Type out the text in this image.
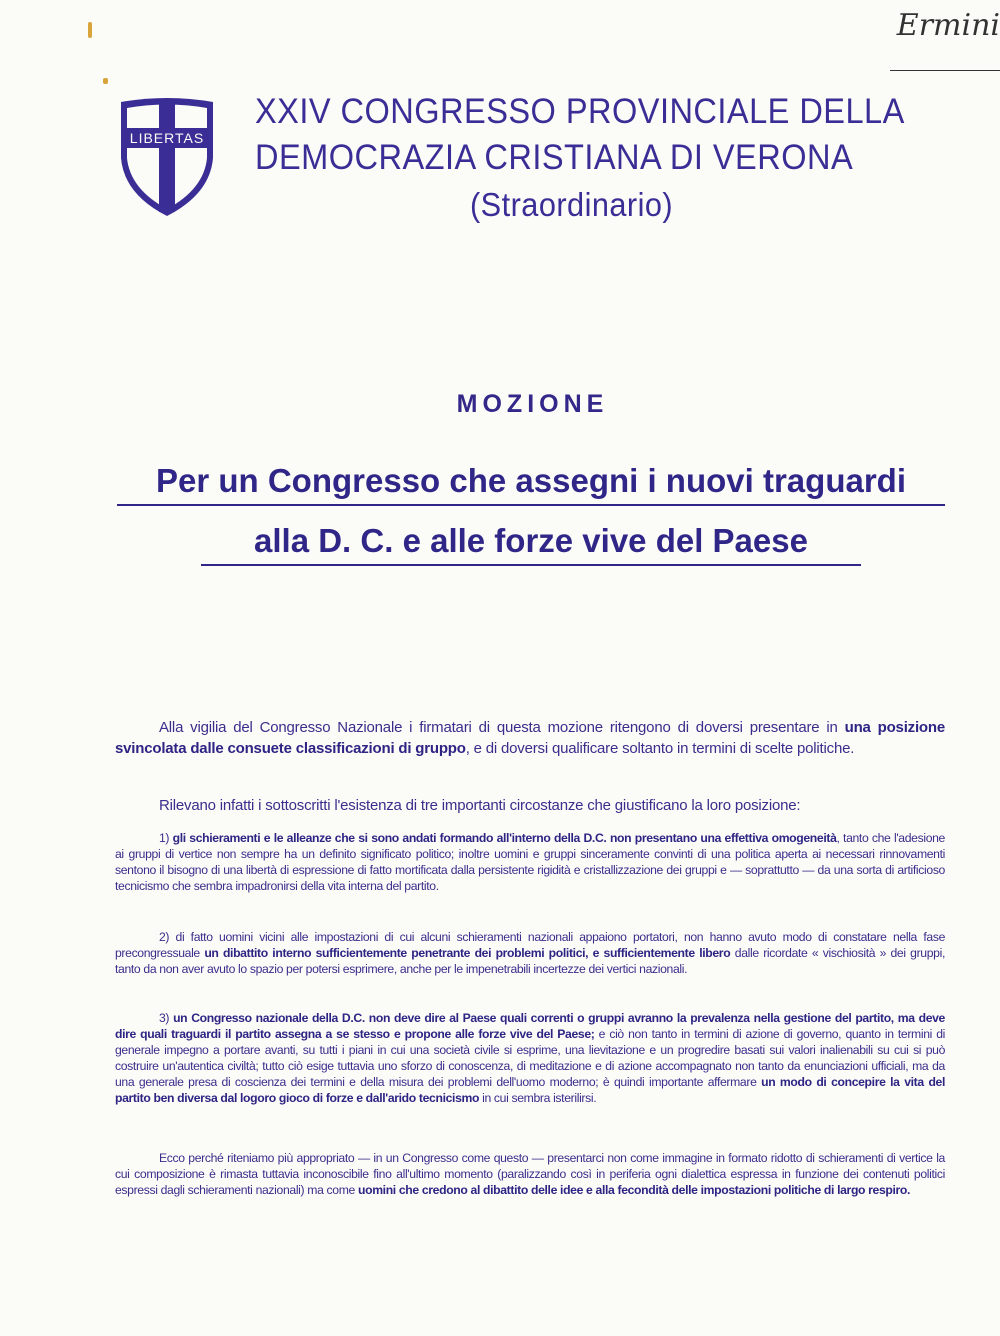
Ermini
LIBERTAS
XXIV CONGRESSO PROVINCIALE DELLA
DEMOCRAZIA CRISTIANA DI VERONA
(Straordinario)
MOZIONE
Per un Congresso che assegni i nuovi traguardi
alla D. C. e alle forze vive del Paese

Alla vigilia del Congresso Nazionale i firmatari di questa mozione ritengono di doversi presentare in una posizione svincolata dalle consuete classificazioni di gruppo, e di doversi qualificare soltanto in termini di scelte politiche.

Rilevano infatti i sottoscritti l'esistenza di tre importanti circostanze che giustificano la loro posizione:

1) gli schieramenti e le alleanze che si sono andati formando all'interno della D.C. non presentano una effettiva omogeneità, tanto che l'adesione ai gruppi di vertice non sempre ha un definito significato politico; inoltre uomini e gruppi sinceramente convinti di una politica aperta ai necessari rinnovamenti sentono il bisogno di una libertà di espressione di fatto mortificata dalla persistente rigidità e cristallizzazione dei gruppi e — soprattutto — da una sorta di artificioso tecnicismo che sembra impadronirsi della vita interna del partito.

2) di fatto uomini vicini alle impostazioni di cui alcuni schieramenti nazionali appaiono portatori, non hanno avuto modo di constatare nella fase precongressuale un dibattito interno sufficientemente penetrante dei problemi politici, e sufficientemente libero dalle ricordate « vischiosità » dei gruppi, tanto da non aver avuto lo spazio per potersi esprimere, anche per le impenetrabili incertezze dei vertici nazionali.

3) un Congresso nazionale della D.C. non deve dire al Paese quali correnti o gruppi avranno la prevalenza nella gestione del partito, ma deve dire quali traguardi il partito assegna a se stesso e propone alle forze vive del Paese; e ciò non tanto in termini di azione di governo, quanto in termini di generale impegno a portare avanti, su tutti i piani in cui una società civile si esprime, una lievitazione e un progredire basati sui valori inalienabili su cui si può costruire un'autentica civiltà; tutto ciò esige tuttavia uno sforzo di conoscenza, di meditazione e di azione accompagnato non tanto da enunciazioni ufficiali, ma da una generale presa di coscienza dei termini e della misura dei problemi dell'uomo moderno; è quindi importante affermare un modo di concepire la vita del partito ben diversa dal logoro gioco di forze e dall'arido tecnicismo in cui sembra isterilirsi.

Ecco perché riteniamo più appropriato — in un Congresso come questo — presentarci non come immagine in formato ridotto di schieramenti di vertice la cui composizione è rimasta tuttavia inconoscibile fino all'ultimo momento (paralizzando così in periferia ogni dialettica espressa in funzione dei contenuti politici espressi dagli schieramenti nazionali) ma come uomini che credono al dibattito delle idee e alla fecondità delle impostazioni politiche di largo respiro.
